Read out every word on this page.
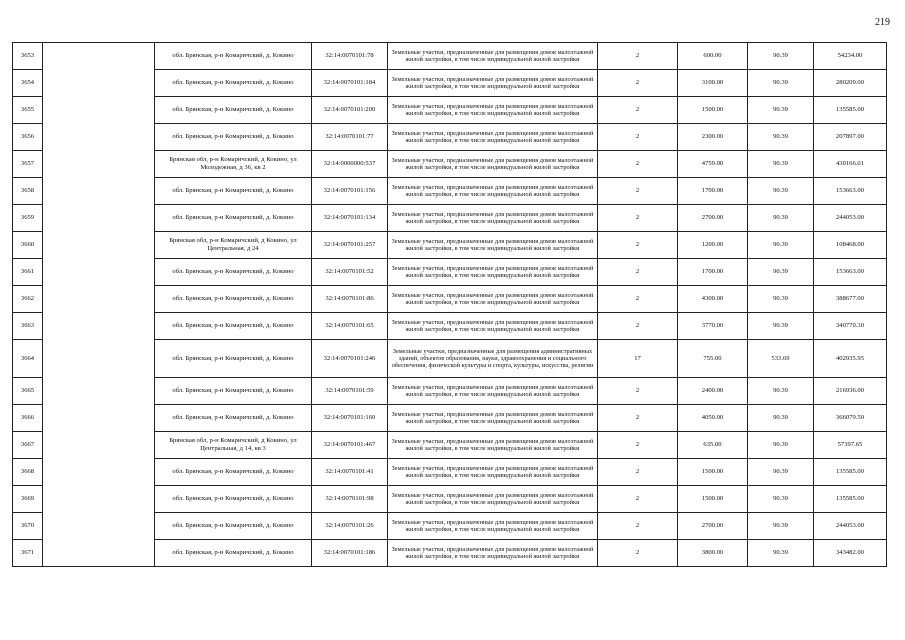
219
3653		обл. Брянская, р-н Комаричский, д. Кокино	32:14:0070101:78	Земельные участки, предназначенные для размещения домов малоэтажной жилой застройки, в том числе индивидуальной жилой застройки	2	600.00	90.39	54234.00
3654		обл. Брянская, р-н Комаричский, д. Кокино	32:14:0070101:184	Земельные участки, предназначенные для размещения домов малоэтажной жилой застройки, в том числе индивидуальной жилой застройки	2	3100.00	90.39	280209.00
3655		обл. Брянская, р-н Комаричский, д. Кокино	32:14:0070101:200	Земельные участки, предназначенные для размещения домов малоэтажной жилой застройки, в том числе индивидуальной жилой застройки	2	1500.00	90.39	135585.00
3656		обл. Брянская, р-н Комаричский, д. Кокино	32:14:0070101:77	Земельные участки, предназначенные для размещения домов малоэтажной жилой застройки, в том числе индивидуальной жилой застройки	2	2300.00	90.39	207897.00
3657		Брянская обл, р-н Комаричский, д Кокино, ул Молодежная, д 36, кв 2	32:14:0000000:537	Земельные участки, предназначенные для размещения домов малоэтажной жилой застройки, в том числе индивидуальной жилой застройки	2	4759.00	90.39	430166.01
3658		обл. Брянская, р-н Комаричский, д. Кокино	32:14:0070101:156	Земельные участки, предназначенные для размещения домов малоэтажной жилой застройки, в том числе индивидуальной жилой застройки	2	1700.00	90.39	153663.00
3659		обл. Брянская, р-н Комаричский, д. Кокино	32:14:0070101:134	Земельные участки, предназначенные для размещения домов малоэтажной жилой застройки, в том числе индивидуальной жилой застройки	2	2700.00	90.39	244053.00
3660		Брянская обл, р-н Комаричский, д Кокино, ул Центральная, д 24	32:14:0070101:257	Земельные участки, предназначенные для размещения домов малоэтажной жилой застройки, в том числе индивидуальной жилой застройки	2	1200.00	90.39	108468.00
3661		обл. Брянская, р-н Комаричский, д. Кокино	32:14:0070101:52	Земельные участки, предназначенные для размещения домов малоэтажной жилой застройки, в том числе индивидуальной жилой застройки	2	1700.00	90.39	153663.00
3662		обл. Брянская, р-н Комаричский, д. Кокино	32:14:0070101:86	Земельные участки, предназначенные для размещения домов малоэтажной жилой застройки, в том числе индивидуальной жилой застройки	2	4300.00	90.39	388677.00
3663		обл. Брянская, р-н Комаричский, д. Кокино	32:14:0070101:65	Земельные участки, предназначенные для размещения домов малоэтажной жилой застройки, в том числе индивидуальной жилой застройки	2	3770.00	90.39	340770.30
3664		обл. Брянская, р-н Комаричский, д. Кокино	32:14:0070101:246	Земельные участки, предназначенные для размещения административных зданий, объектов образования, науки, здравоохранения и социального обеспечения, физической культуры и спорта, культуры, искусства, религии	17	755.00	533.69	402935.95
3665		обл. Брянская, р-н Комаричский, д. Кокино	32:14:0070101:59	Земельные участки, предназначенные для размещения домов малоэтажной жилой застройки, в том числе индивидуальной жилой застройки	2	2400.00	90.39	216936.00
3666		обл. Брянская, р-н Комаричский, д. Кокино	32:14:0070101:160	Земельные участки, предназначенные для размещения домов малоэтажной жилой застройки, в том числе индивидуальной жилой застройки	2	4050.00	90.39	366079.50
3667		Брянская обл, р-н Комаричский, д Кокино, ул Центральная, д 14, кв 3	32:14:0070101:467	Земельные участки, предназначенные для размещения домов малоэтажной жилой застройки, в том числе индивидуальной жилой застройки	2	635.00	90.39	57397.65
3668		обл. Брянская, р-н Комаричский, д. Кокино	32:14:0070101:41	Земельные участки, предназначенные для размещения домов малоэтажной жилой застройки, в том числе индивидуальной жилой застройки	2	1500.00	90.39	135585.00
3669		обл. Брянская, р-н Комаричский, д. Кокино	32:14:0070101:98	Земельные участки, предназначенные для размещения домов малоэтажной жилой застройки, в том числе индивидуальной жилой застройки	2	1500.00	90.39	135585.00
3670		обл. Брянская, р-н Комаричский, д. Кокино	32:14:0070101:26	Земельные участки, предназначенные для размещения домов малоэтажной жилой застройки, в том числе индивидуальной жилой застройки	2	2700.00	90.39	244053.00
3671		обл. Брянская, р-н Комаричский, д. Кокино	32:14:0070101:186	Земельные участки, предназначенные для размещения домов малоэтажной жилой застройки, в том числе индивидуальной жилой застройки	2	3800.00	90.39	343482.00
